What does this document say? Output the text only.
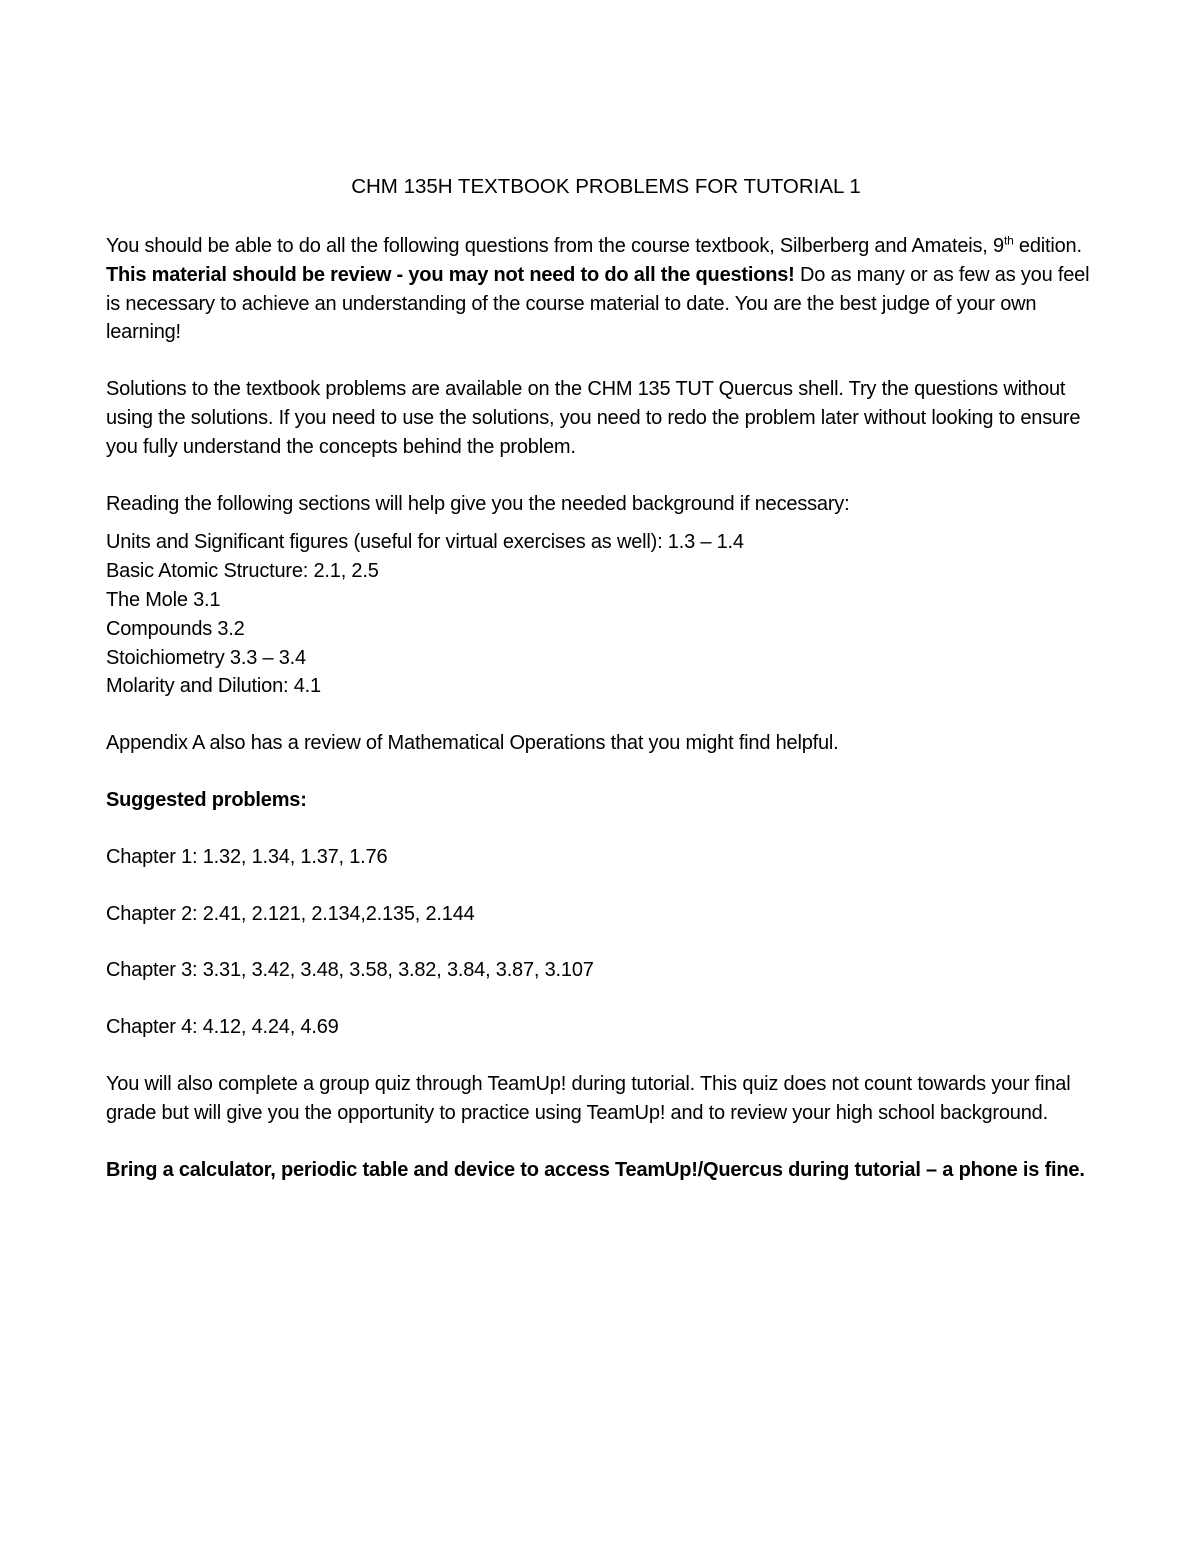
CHM 135H TEXTBOOK PROBLEMS FOR TUTORIAL 1

You should be able to do all the following questions from the course textbook, Silberberg and Amateis, 9th edition. This material should be review - you may not need to do all the questions! Do as many or as few as you feel is necessary to achieve an understanding of the course material to date. You are the best judge of your own learning!

Solutions to the textbook problems are available on the CHM 135 TUT Quercus shell. Try the questions without using the solutions. If you need to use the solutions, you need to redo the problem later without looking to ensure you fully understand the concepts behind the problem.

Reading the following sections will help give you the needed background if necessary:

Units and Significant figures (useful for virtual exercises as well): 1.3 – 1.4
Basic Atomic Structure: 2.1, 2.5
The Mole 3.1
Compounds 3.2
Stoichiometry 3.3 – 3.4
Molarity and Dilution: 4.1

Appendix A also has a review of Mathematical Operations that you might find helpful.

Suggested problems:

Chapter 1: 1.32, 1.34, 1.37, 1.76

Chapter 2: 2.41, 2.121, 2.134,2.135, 2.144

Chapter 3: 3.31, 3.42, 3.48, 3.58, 3.82, 3.84, 3.87, 3.107

Chapter 4: 4.12, 4.24, 4.69

You will also complete a group quiz through TeamUp! during tutorial. This quiz does not count towards your final grade but will give you the opportunity to practice using TeamUp! and to review your high school background.

Bring a calculator, periodic table and device to access TeamUp!/Quercus during tutorial – a phone is fine.
